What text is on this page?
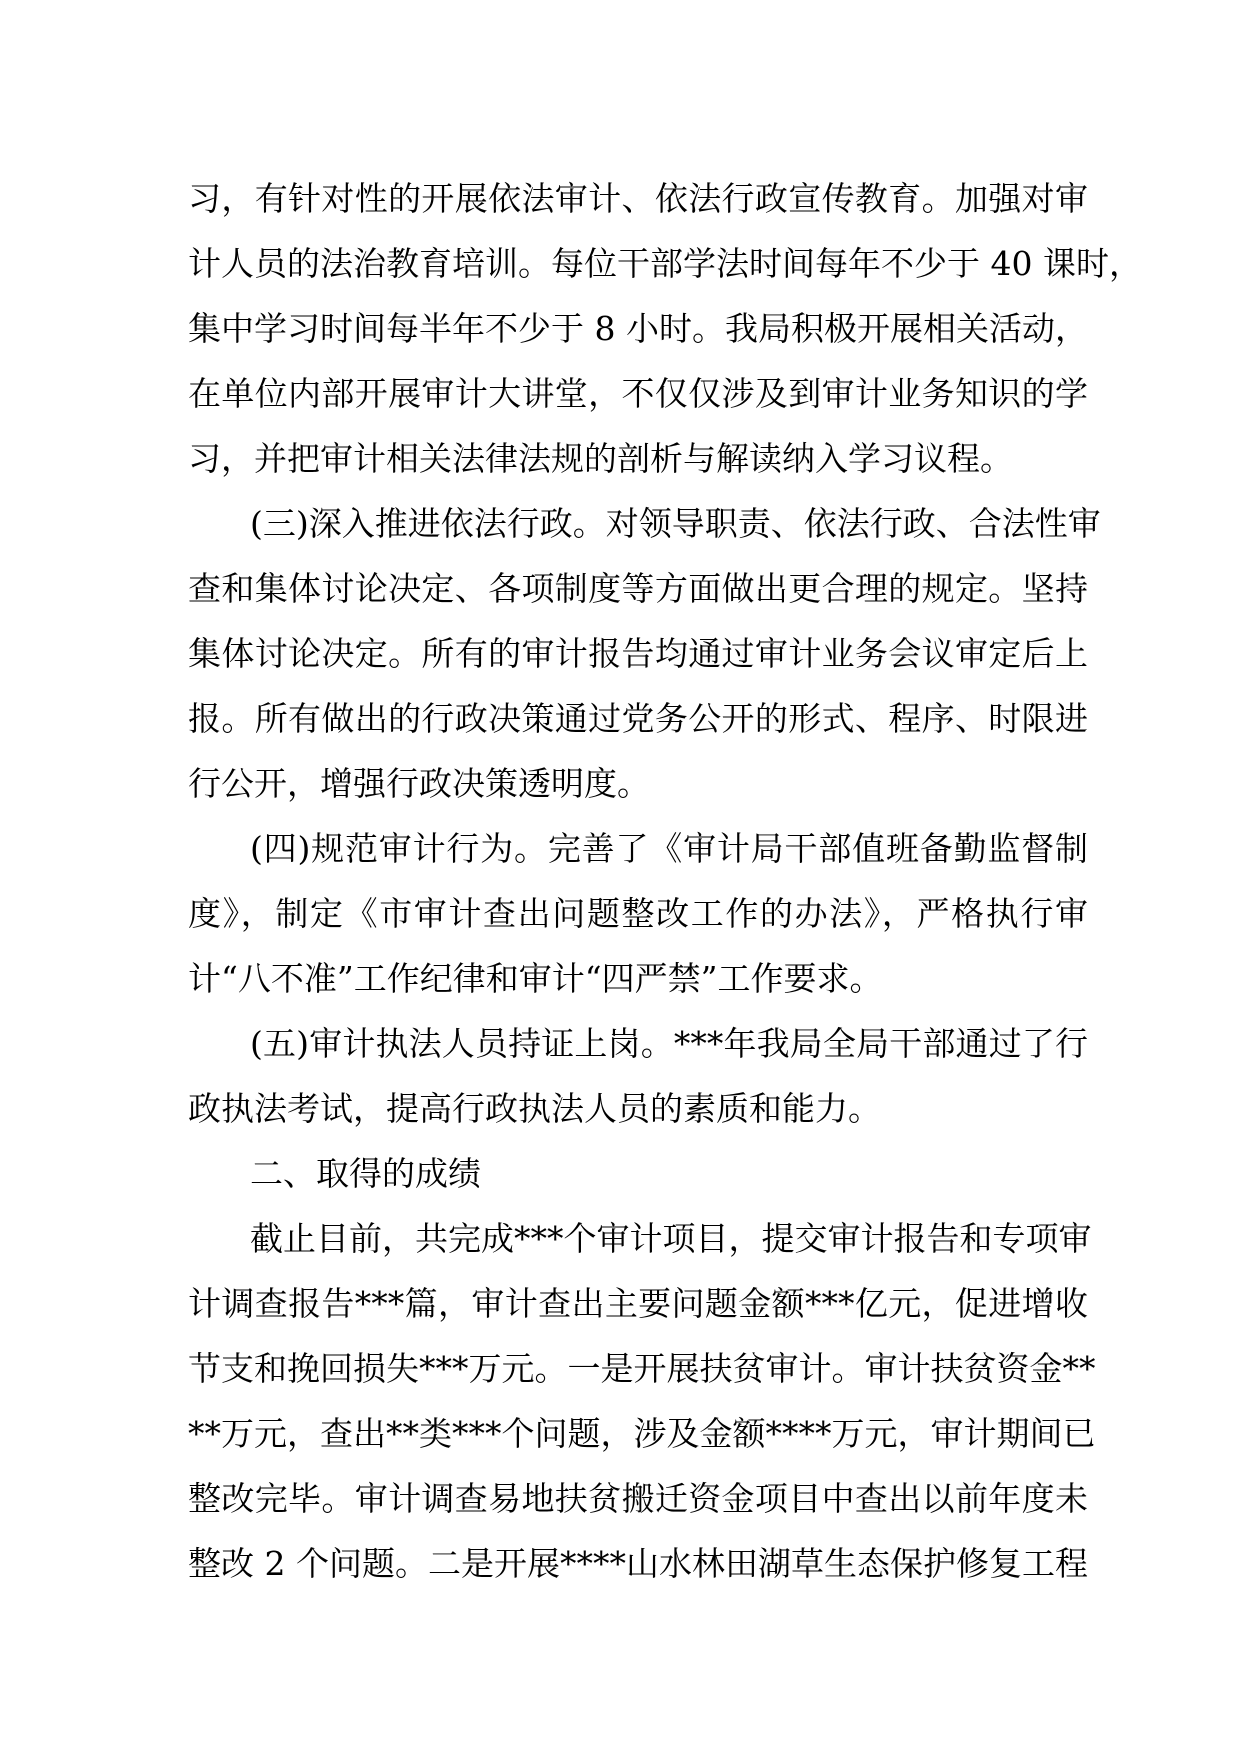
习，有针对性的开展依法审计、依法行政宣传教育。加强对审
计人员的法治教育培训。每位干部学法时间每年不少于 40 课时，
集中学习时间每半年不少于 8 小时。我局积极开展相关活动，
在单位内部开展审计大讲堂，不仅仅涉及到审计业务知识的学
习，并把审计相关法律法规的剖析与解读纳入学习议程。
(三)深入推进依法行政。对领导职责、依法行政、合法性审
查和集体讨论决定、各项制度等方面做出更合理的规定。坚持
集体讨论决定。所有的审计报告均通过审计业务会议审定后上
报。所有做出的行政决策通过党务公开的形式、程序、时限进
行公开，增强行政决策透明度。
(四)规范审计行为。完善了《审计局干部值班备勤监督制
度》，制定《市审计查出问题整改工作的办法》，严格执行审
计“八不准”工作纪律和审计“四严禁”工作要求。
(五)审计执法人员持证上岗。***年我局全局干部通过了行
政执法考试，提高行政执法人员的素质和能力。
二、取得的成绩
截止目前，共完成***个审计项目，提交审计报告和专项审
计调查报告***篇，审计查出主要问题金额***亿元，促进增收
节支和挽回损失***万元。一是开展扶贫审计。审计扶贫资金**
**万元，查出**类***个问题，涉及金额****万元，审计期间已
整改完毕。审计调查易地扶贫搬迁资金项目中查出以前年度未
整改 2 个问题。二是开展****山水林田湖草生态保护修复工程
